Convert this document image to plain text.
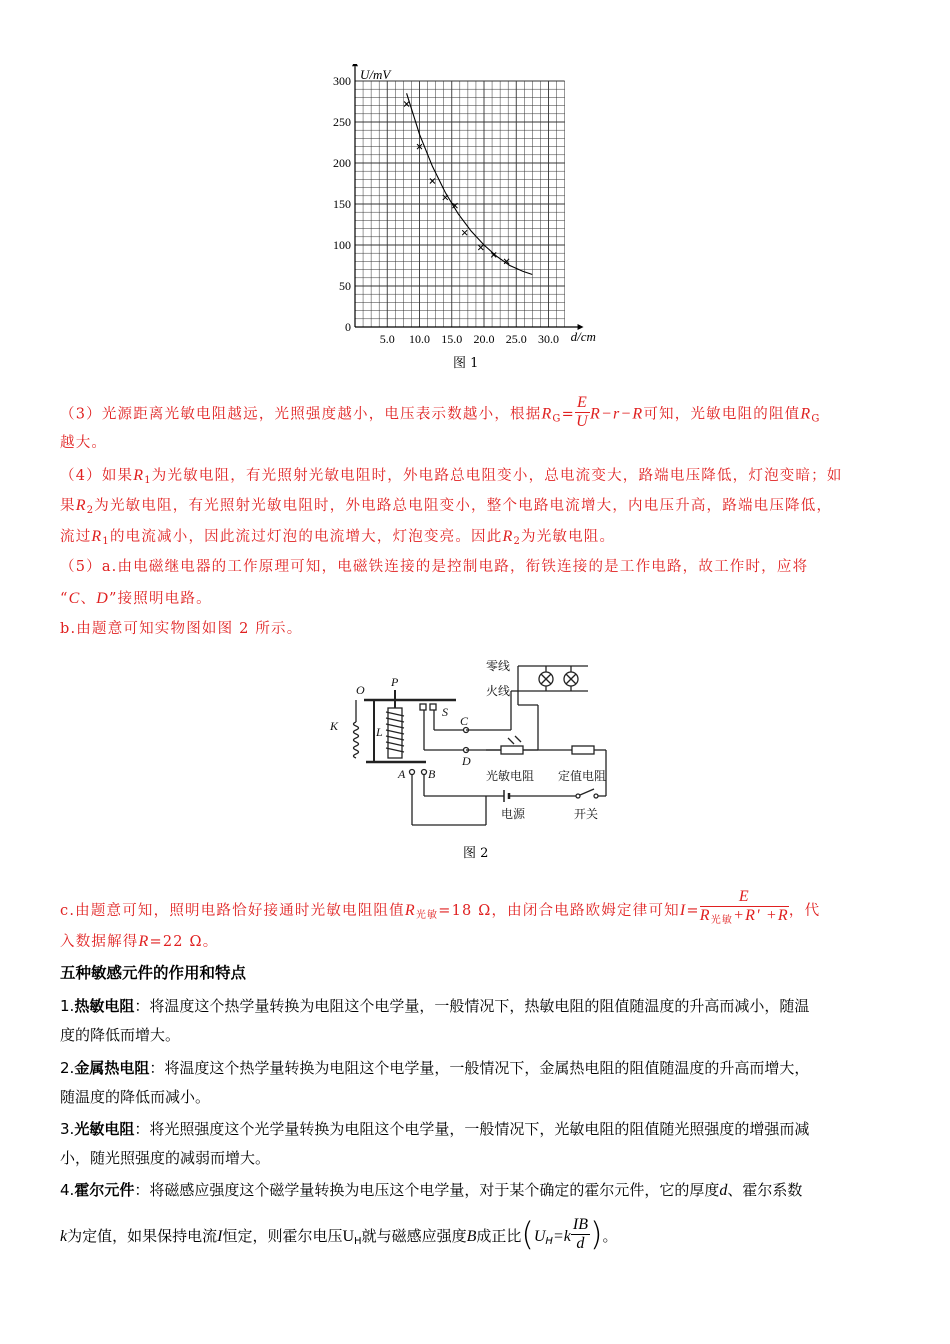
5.0 10.0 15.0 20.0 25.0 30.0
0
50
100
150
200
250
300 U/mV
d/cm
图 1
（3）光源距离光敏电阻越远，光照强度越小，电压表示数越小，根据$R_G= \frac{E}{U} R-r-R$可知，光敏电阻的阻值$R_G$
越大。
（4）如果$R_1$为光敏电阻，有光照射光敏电阻时，外电路总电阻变小，总电流变大，路端电压降低，灯泡变暗；如
果$R_2$为光敏电阻，有光照射光敏电阻时，外电路总电阻变小，整个电路电流增大，内电压升高，路端电压降低，
流过$R_1$的电流减小，因此流过灯泡的电流增大，灯泡变亮。因此$R_2$为光敏电阻。
（5）a.由电磁继电器的工作原理可知，电磁铁连接的是控制电路，衔铁连接的是工作电路，故工作时，应将
“C、D”接照明电路。
b.由题意可知实物图如图 2 所示。
零线
火线
光敏电阻 定值电阻
电源	开关
O
P
K	L
S
C
D
A B
图 2
c.由题意可知，照明电路恰好接通时光敏电阻阻值$R_{光敏}=18$ Ω，由闭合电路欧姆定律可知$I= \frac{E}{R_{光敏}+R' +R}$ ，代
入数据解得R=22 Ω。
五种敏感元件的作用和特点
1.热敏电阻：将温度这个热学量转换为电阻这个电学量，一般情况下，热敏电阻的阻值随温度的升高而减小，随温
度的降低而增大。
2.金属热电阻：将温度这个热学量转换为电阻这个电学量，一般情况下，金属热电阻的阻值随温度的升高而增大，
随温度的降低而减小。
3.光敏电阻：将光照强度这个光学量转换为电阻这个电学量，一般情况下，光敏电阻的阻值随光照强度的增强而减
小，随光照强度的减弱而增大。
4.霍尔元件：将磁感应强度这个磁学量转换为电压这个电学量，对于某个确定的霍尔元件，它的厚度d、霍尔系数
k为定值，如果保持电流I恒定，则霍尔电压$U_H$就与磁感应强度B成正比($U_H=k \frac{IB}{d}$ )。
